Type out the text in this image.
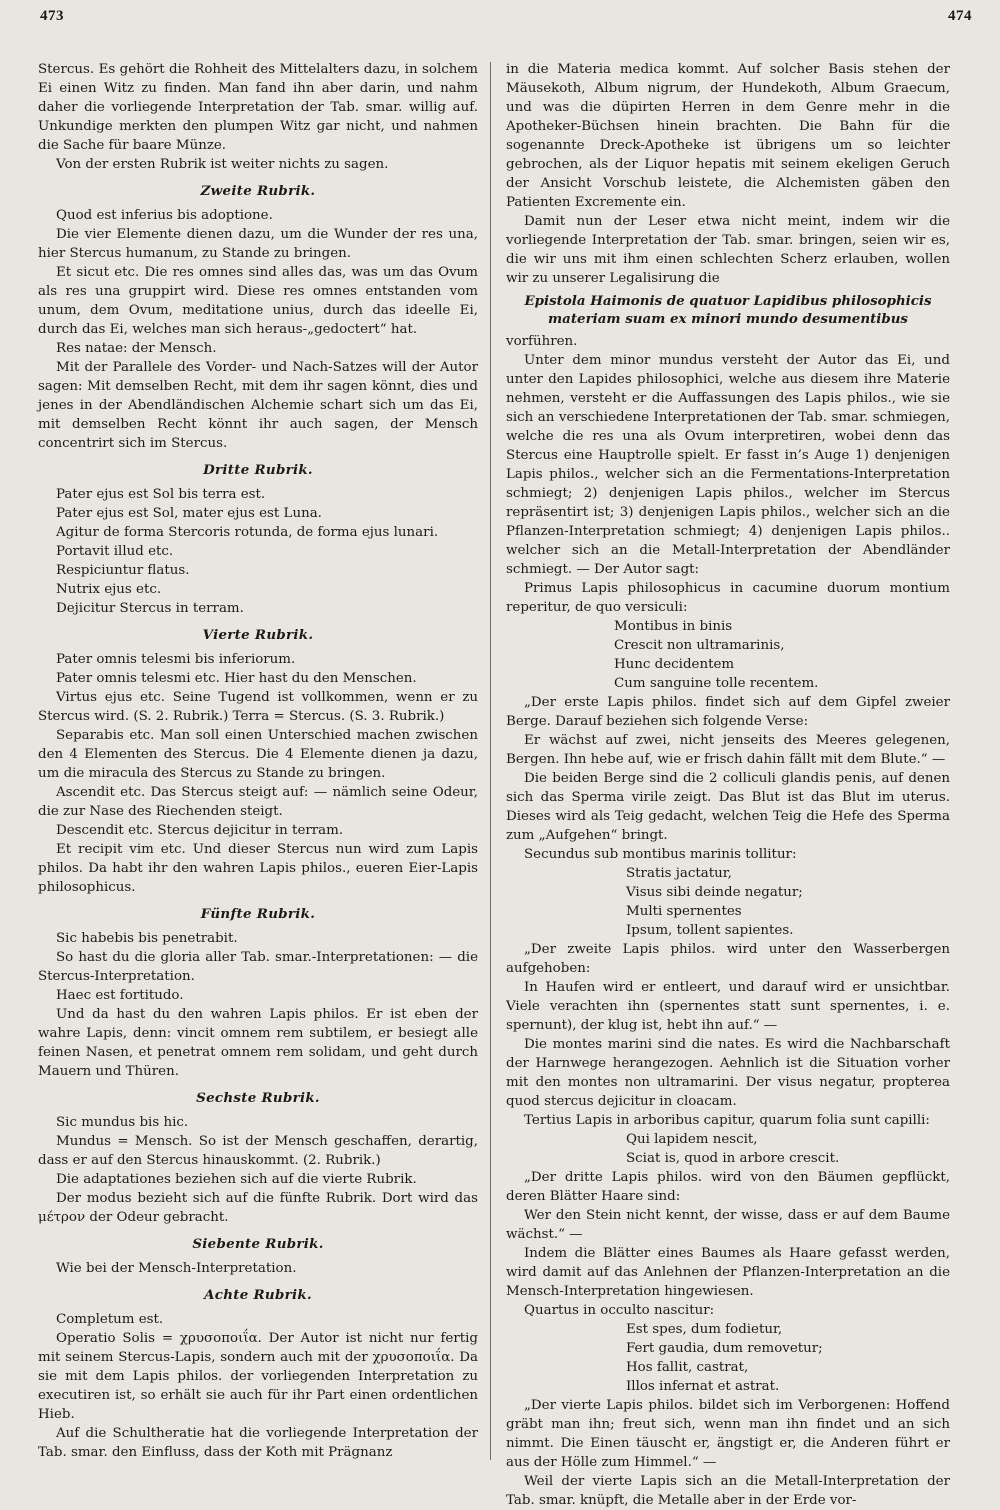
473	474
Stercus. Es gehört die Rohheit des Mittelalters dazu, in solchem Ei einen Witz zu finden. Man fand ihn aber darin, und nahm daher die vorliegende Interpretation der Tab. smar. willig auf. Unkundige merkten den plumpen Witz gar nicht, und nahmen die Sache für baare Münze.
Von der ersten Rubrik ist weiter nichts zu sagen.
Zweite Rubrik.
Quod est inferius bis adoptione.
Die vier Elemente dienen dazu, um die Wunder der res una, hier Stercus humanum, zu Stande zu bringen.
Et sicut etc. Die res omnes sind alles das, was um das Ovum als res una gruppirt wird. Diese res omnes entstanden vom unum, dem Ovum, meditatione unius, durch das ideelle Ei, durch das Ei, welches man sich heraus-„gedoctert“ hat.
Res natae: der Mensch.
Mit der Parallele des Vorder- und Nach-Satzes will der Autor sagen: Mit demselben Recht, mit dem ihr sagen könnt, dies und jenes in der Abendländischen Alchemie schart sich um das Ei, mit demselben Recht könnt ihr auch sagen, der Mensch concentrirt sich im Stercus.
Dritte Rubrik.
Pater ejus est Sol bis terra est.
Pater ejus est Sol, mater ejus est Luna.
Agitur de forma Stercoris rotunda, de forma ejus lunari.
Portavit illud etc.
Respiciuntur flatus.
Nutrix ejus etc.
Dejicitur Stercus in terram.
Vierte Rubrik.
Pater omnis telesmi bis inferiorum.
Pater omnis telesmi etc. Hier hast du den Menschen.
Virtus ejus etc. Seine Tugend ist vollkommen, wenn er zu Stercus wird. (S. 2. Rubrik.) Terra = Stercus. (S. 3. Rubrik.)
Separabis etc. Man soll einen Unterschied machen zwischen den 4 Elementen des Stercus. Die 4 Elemente dienen ja dazu, um die miracula des Stercus zu Stande zu bringen.
Ascendit etc. Das Stercus steigt auf: — nämlich seine Odeur, die zur Nase des Riechenden steigt.
Descendit etc. Stercus dejicitur in terram.
Et recipit vim etc. Und dieser Stercus nun wird zum Lapis philos. Da habt ihr den wahren Lapis philos., eueren Eier-Lapis philosophicus.
Fünfte Rubrik.
Sic habebis bis penetrabit.
So hast du die gloria aller Tab. smar.-Interpretationen: — die Stercus-Interpretation.
Haec est fortitudo.
Und da hast du den wahren Lapis philos. Er ist eben der wahre Lapis, denn: vincit omnem rem subtilem, er besiegt alle feinen Nasen, et penetrat omnem rem solidam, und geht durch Mauern und Thüren.
Sechste Rubrik.
Sic mundus bis hic.
Mundus = Mensch. So ist der Mensch geschaffen, derartig, dass er auf den Stercus hinauskommt. (2. Rubrik.)
Die adaptationes beziehen sich auf die vierte Rubrik.
Der modus bezieht sich auf die fünfte Rubrik. Dort wird das μέτρον der Odeur gebracht.
Siebente Rubrik.
Wie bei der Mensch-Interpretation.
Achte Rubrik.
Completum est.
Operatio Solis = χρυσοποιΐα. Der Autor ist nicht nur fertig mit seinem Stercus-Lapis, sondern auch mit der χρυσοποιΐα. Da sie mit dem Lapis philos. der vorliegenden Interpretation zu executiren ist, so erhält sie auch für ihr Part einen ordentlichen Hieb.
Auf die Schultheratie hat die vorliegende Interpretation der Tab. smar. den Einfluss, dass der Koth mit Prägnanz
in die Materia medica kommt. Auf solcher Basis stehen der Mäusekoth, Album nigrum, der Hundekoth, Album Graecum, und was die düpirten Herren in dem Genre mehr in die Apotheker-Büchsen hinein brachten. Die Bahn für die sogenannte Dreck-Apotheke ist übrigens um so leichter gebrochen, als der Liquor hepatis mit seinem ekeligen Geruch der Ansicht Vorschub leistete, die Alchemisten gäben den Patienten Excremente ein.
Damit nun der Leser etwa nicht meint, indem wir die vorliegende Interpretation der Tab. smar. bringen, seien wir es, die wir uns mit ihm einen schlechten Scherz erlauben, wollen wir zu unserer Legalisirung die
Epistola Haimonis de quatuor Lapidibus philosophicis materiam suam ex minori mundo desumentibus
vorführen.
Unter dem minor mundus versteht der Autor das Ei, und unter den Lapides philosophici, welche aus diesem ihre Materie nehmen, versteht er die Auffassungen des Lapis philos., wie sie sich an verschiedene Interpretationen der Tab. smar. schmiegen, welche die res una als Ovum interpretiren, wobei denn das Stercus eine Hauptrolle spielt. Er fasst in’s Auge 1) denjenigen Lapis philos., welcher sich an die Fermentations-Interpretation schmiegt; 2) denjenigen Lapis philos., welcher im Stercus repräsentirt ist; 3) denjenigen Lapis philos., welcher sich an die Pflanzen-Interpretation schmiegt; 4) denjenigen Lapis philos.. welcher sich an die Metall-Interpretation der Abendländer schmiegt. — Der Autor sagt:
Primus Lapis philosophicus in cacumine duorum montium reperitur, de quo versiculi:
Montibus in binis
Crescit non ultramarinis,
Hunc decidentem
Cum sanguine tolle recentem.
„Der erste Lapis philos. findet sich auf dem Gipfel zweier Berge. Darauf beziehen sich folgende Verse:
Er wächst auf zwei, nicht jenseits des Meeres gelegenen, Bergen. Ihn hebe auf, wie er frisch dahin fällt mit dem Blute.“ —
Die beiden Berge sind die 2 colliculi glandis penis, auf denen sich das Sperma virile zeigt. Das Blut ist das Blut im uterus. Dieses wird als Teig gedacht, welchen Teig die Hefe des Sperma zum „Aufgehen“ bringt.
Secundus sub montibus marinis tollitur:
Stratis jactatur,
Visus sibi deinde negatur;
Multi spernentes
Ipsum, tollent sapientes.
„Der zweite Lapis philos. wird unter den Wasserbergen aufgehoben:
In Haufen wird er entleert, und darauf wird er unsichtbar. Viele verachten ihn (spernentes statt sunt spernentes, i. e. spernunt), der klug ist, hebt ihn auf.“ —
Die montes marini sind die nates. Es wird die Nachbarschaft der Harnwege herangezogen. Aehnlich ist die Situation vorher mit den montes non ultramarini. Der visus negatur, propterea quod stercus dejicitur in cloacam.
Tertius Lapis in arboribus capitur, quarum folia sunt capilli:
Qui lapidem nescit,
Sciat is, quod in arbore crescit.
„Der dritte Lapis philos. wird von den Bäumen gepflückt, deren Blätter Haare sind:
Wer den Stein nicht kennt, der wisse, dass er auf dem Baume wächst.“ —
Indem die Blätter eines Baumes als Haare gefasst werden, wird damit auf das Anlehnen der Pflanzen-Interpretation an die Mensch-Interpretation hingewiesen.
Quartus in occulto nascitur:
Est spes, dum fodietur,
Fert gaudia, dum removetur;
Hos fallit, castrat,
Illos infernat et astrat.
„Der vierte Lapis philos. bildet sich im Verborgenen: Hoffend gräbt man ihn; freut sich, wenn man ihn findet und an sich nimmt. Die Einen täuscht er, ängstigt er, die Anderen führt er aus der Hölle zum Himmel.“ —
Weil der vierte Lapis sich an die Metall-Interpretation der Tab. smar. knüpft, die Metalle aber in der Erde vor-
